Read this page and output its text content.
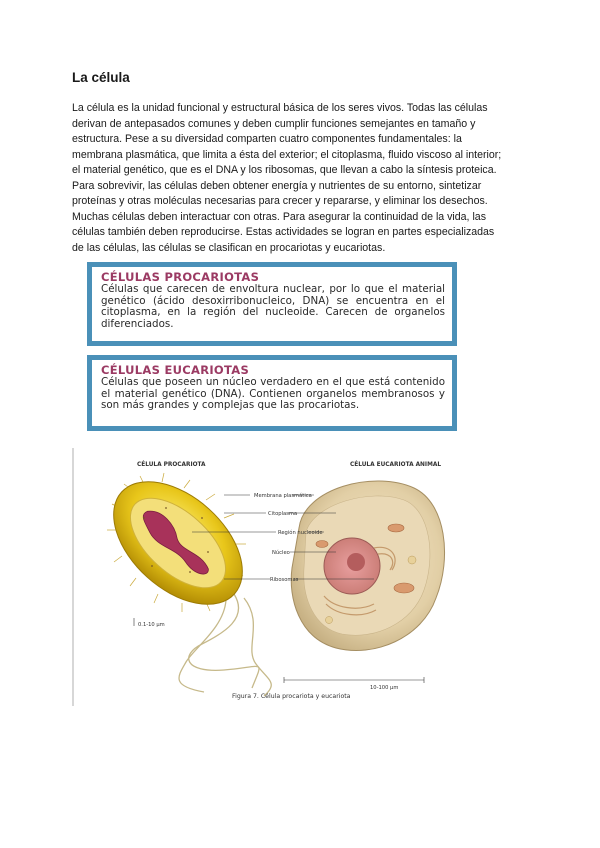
La célula
La célula es la unidad funcional y estructural básica de los seres vivos. Todas las células
derivan de antepasados comunes y deben cumplir funciones semejantes en tamaño y
estructura. Pese a su diversidad comparten cuatro componentes fundamentales: la
membrana plasmática, que limita a ésta del exterior; el citoplasma, fluido viscoso al interior;
el material genético, que es el DNA y los ribosomas, que llevan a cabo la síntesis proteica.
Para sobrevivir, las células deben obtener energía y nutrientes de su entorno, sintetizar
proteínas y otras moléculas necesarias para crecer y repararse, y eliminar los desechos.
Muchas células deben interactuar con otras. Para asegurar la continuidad de la vida, las
células también deben reproducirse. Estas actividades se logran en partes especializadas
de las células, las células se clasifican en procariotas y eucariotas.
CÉLULAS PROCARIOTAS
Células que carecen de envoltura nuclear, por lo que el material genético (ácido desoxirribonucleico, DNA) se encuentra en el citoplasma, en la región del nucleoide. Carecen de organelos diferenciados.
CÉLULAS EUCARIOTAS
Células que poseen un núcleo verdadero en el que está contenido el material genético (DNA). Contienen organelos membranosos y son más grandes y complejas que las procariotas.
CÉLULA PROCARIOTA	CÉLULA EUCARIOTA ANIMAL
Membrana plasmática
Citoplasma
Región nucleoide
Núcleo
Ribosomas
0.1-10 μm
10-100 μm
Figura 7. Célula procariota y eucariota
